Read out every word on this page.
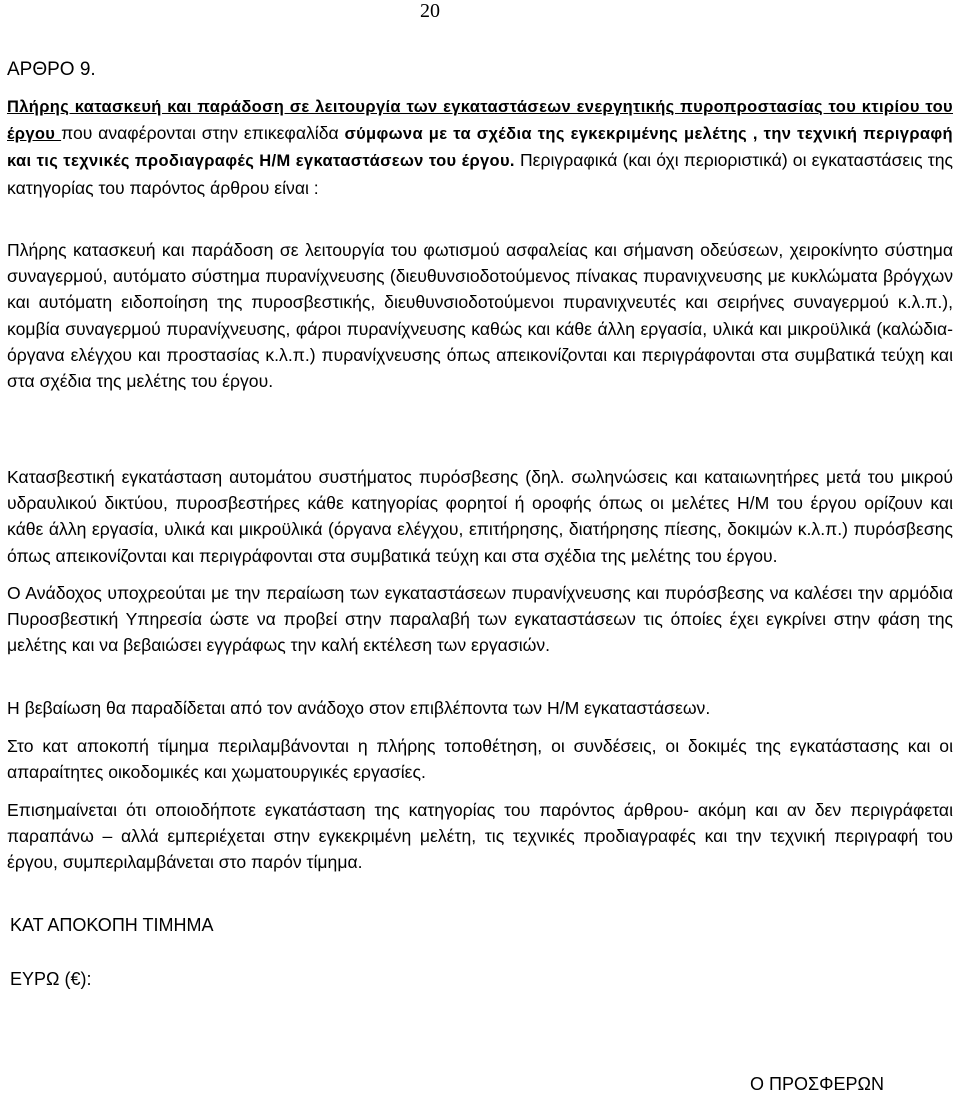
20
ΑΡΘΡΟ 9.

Πλήρης κατασκευή και παράδοση σε λειτουργία των εγκαταστάσεων ενεργητικής πυροπροστασίας του κτιρίου του έργου που αναφέρονται στην επικεφαλίδα σύμφωνα με τα σχέδια της εγκεκριμένης μελέτης , την τεχνική περιγραφή και τις τεχνικές προδιαγραφές Η/Μ εγκαταστάσεων του έργου. Περιγραφικά (και όχι περιοριστικά) οι εγκαταστάσεις της κατηγορίας του παρόντος άρθρου είναι :

Πλήρης κατασκευή και παράδοση σε λειτουργία του φωτισμού ασφαλείας και σήμανση οδεύσεων, χειροκίνητο σύστημα συναγερμού, αυτόματο σύστημα πυρανίχνευσης (διευθυνσιοδοτούμενος πίνακας πυρανιχνευσης με κυκλώματα βρόγχων και αυτόματη ειδοποίηση της πυροσβεστικής, διευθυνσιοδοτούμενοι πυρανιχνευτές και σειρήνες συναγερμού κ.λ.π.), κομβία συναγερμού πυρανίχνευσης, φάροι πυρανίχνευσης καθώς και κάθε άλλη εργασία, υλικά και μικροϋλικά (καλώδια-όργανα ελέγχου και προστασίας κ.λ.π.) πυρανίχνευσης όπως απεικονίζονται και περιγράφονται στα συμβατικά τεύχη και στα σχέδια της μελέτης του έργου.

Κατασβεστική εγκατάσταση αυτομάτου συστήματος πυρόσβεσης (δηλ. σωληνώσεις και καταιωνητήρες μετά του μικρού υδραυλικού δικτύου, πυροσβεστήρες κάθε κατηγορίας φορητοί ή οροφής όπως οι μελέτες Η/Μ του έργου ορίζουν και κάθε άλλη εργασία, υλικά και μικροϋλικά (όργανα ελέγχου, επιτήρησης, διατήρησης πίεσης, δοκιμών κ.λ.π.) πυρόσβεσης όπως απεικονίζονται και περιγράφονται στα συμβατικά τεύχη και στα σχέδια της μελέτης του έργου.

Ο Ανάδοχος υποχρεούται με την περαίωση των εγκαταστάσεων πυρανίχνευσης και πυρόσβεσης να καλέσει την αρμόδια Πυροσβεστική Υπηρεσία ώστε να προβεί στην παραλαβή των εγκαταστάσεων τις όποίες έχει εγκρίνει στην φάση της μελέτης και να βεβαιώσει εγγράφως την καλή εκτέλεση των εργασιών.

Η βεβαίωση θα παραδίδεται από τον ανάδοχο στον επιβλέποντα των Η/Μ εγκαταστάσεων.

Στο κατ αποκοπή τίμημα περιλαμβάνονται η πλήρης τοποθέτηση, οι συνδέσεις, οι δοκιμές της εγκατάστασης και οι απαραίτητες οικοδομικές και χωματουργικές εργασίες.

Επισημαίνεται ότι οποιοδήποτε εγκατάσταση της κατηγορίας του παρόντος άρθρου- ακόμη και αν δεν περιγράφεται παραπάνω – αλλά εμπεριέχεται στην εγκεκριμένη μελέτη, τις τεχνικές προδιαγραφές και την τεχνική περιγραφή του έργου, συμπεριλαμβάνεται στο παρόν τίμημα.

ΚΑΤ ΑΠΟΚΟΠΗ ΤΙΜΗΜΑ
ΕΥΡΩ (€):
Ο ΠΡΟΣΦΕΡΩΝ
